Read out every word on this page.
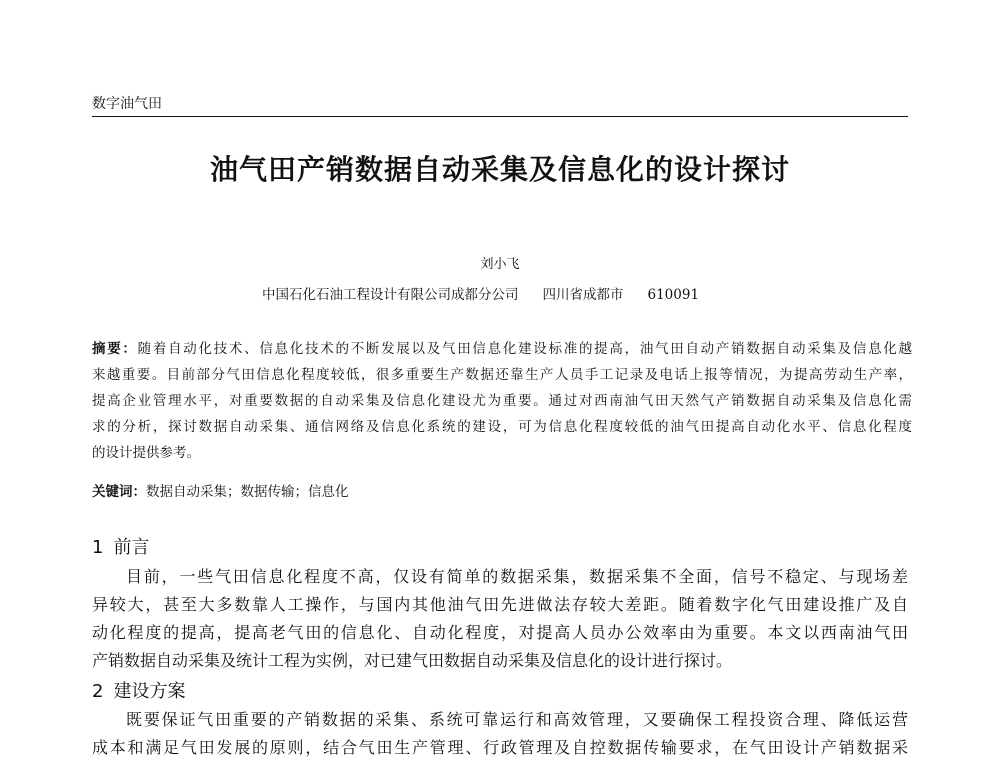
数字油气田
油气田产销数据自动采集及信息化的设计探讨
刘小飞
中国石化石油工程设计有限公司成都分公司 四川省成都市 610091
摘要：随着自动化技术、信息化技术的不断发展以及气田信息化建设标准的提高，油气田自动产销数据自动采集及信息化越
来越重要。目前部分气田信息化程度较低，很多重要生产数据还靠生产人员手工记录及电话上报等情况，为提高劳动生产率，
提高企业管理水平，对重要数据的自动采集及信息化建设尤为重要。通过对西南油气田天然气产销数据自动采集及信息化需
求的分析，探讨数据自动采集、通信网络及信息化系统的建设，可为信息化程度较低的油气田提高自动化水平、信息化程度
的设计提供参考。
关键词：数据自动采集；数据传输；信息化
1 前言
目前，一些气田信息化程度不高，仅设有简单的数据采集，数据采集不全面，信号不稳定、与现场差
异较大，甚至大多数靠人工操作，与国内其他油气田先进做法存较大差距。随着数字化气田建设推广及自
动化程度的提高，提高老气田的信息化、自动化程度，对提高人员办公效率由为重要。本文以西南油气田
产销数据自动采集及统计工程为实例，对已建气田数据自动采集及信息化的设计进行探讨。
2 建设方案
既要保证气田重要的产销数据的采集、系统可靠运行和高效管理，又要确保工程投资合理、降低运营
成本和满足气田发展的原则，结合气田生产管理、行政管理及自控数据传输要求，在气田设计产销数据采
